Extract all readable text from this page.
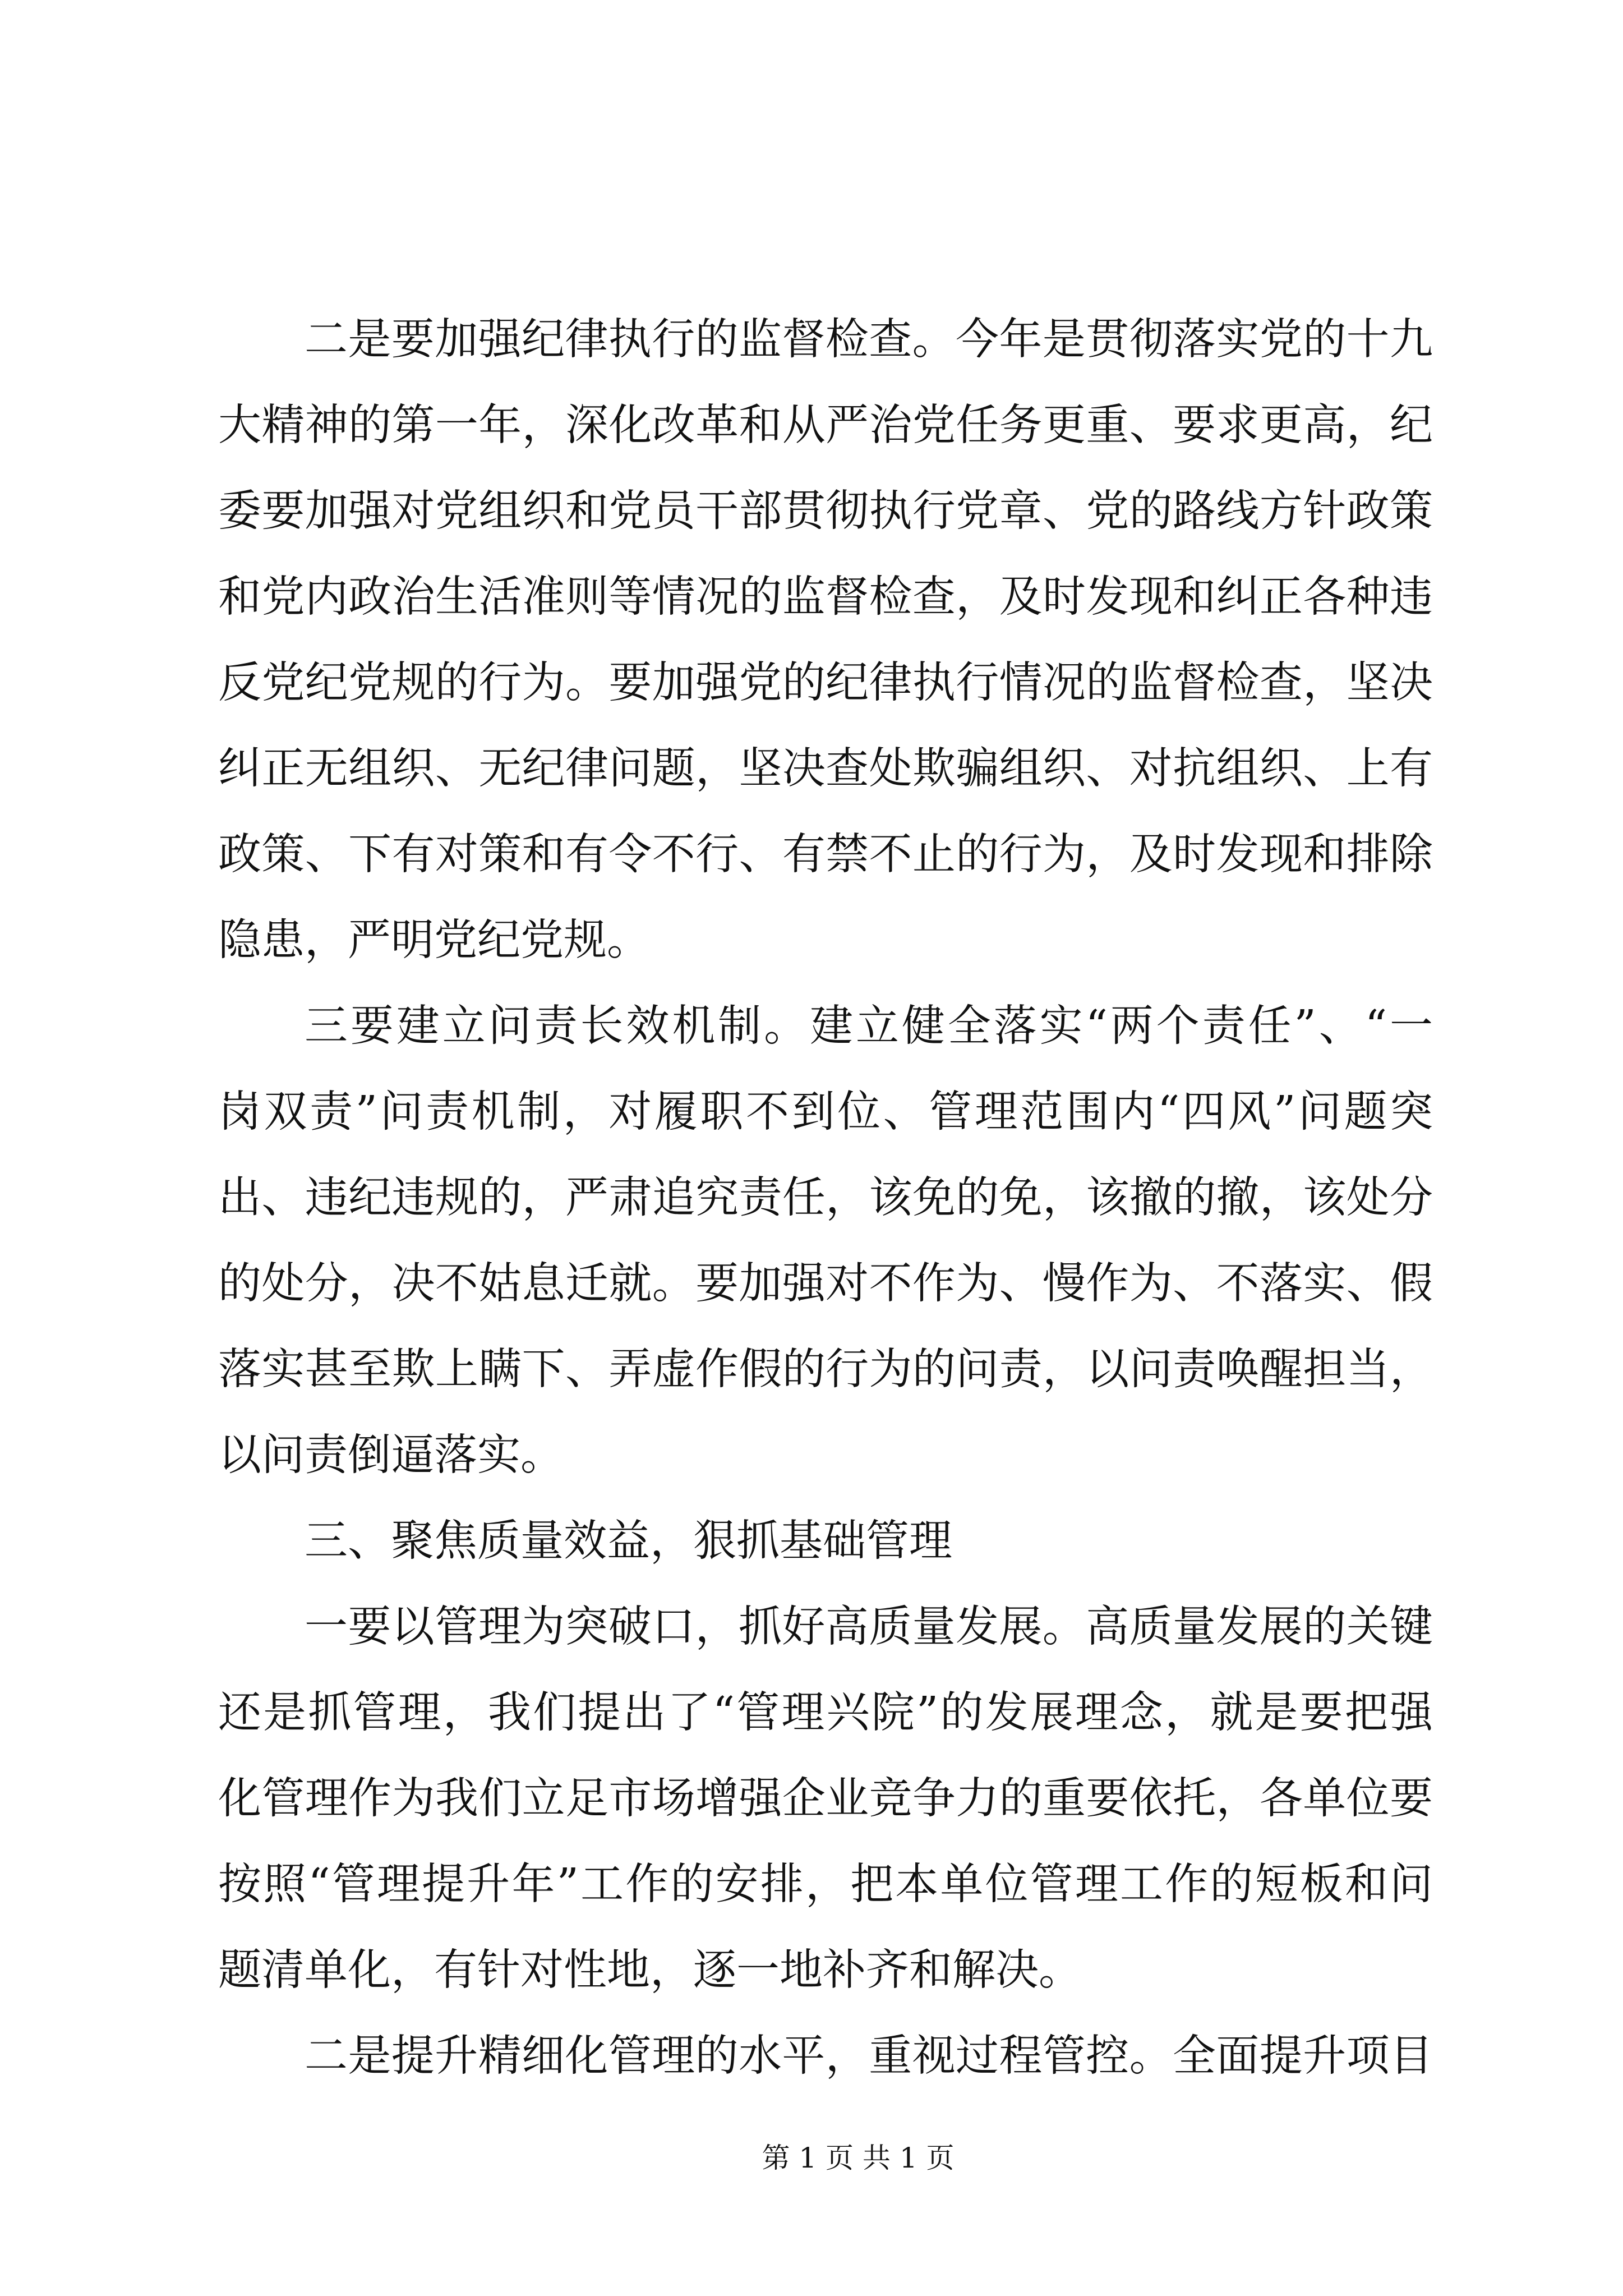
二是要加强纪律执行的监督检查。今年是贯彻落实党的十九
大精神的第一年，深化改革和从严治党任务更重、要求更高，纪
委要加强对党组织和党员干部贯彻执行党章、党的路线方针政策
和党内政治生活准则等情况的监督检查，及时发现和纠正各种违
反党纪党规的行为。要加强党的纪律执行情况的监督检查，坚决
纠正无组织、无纪律问题，坚决查处欺骗组织、对抗组织、上有
政策、下有对策和有令不行、有禁不止的行为，及时发现和排除
隐患，严明党纪党规。
三要建立问责长效机制。建立健全落实“两个责任”、“一
岗双责”问责机制，对履职不到位、管理范围内“四风”问题突
出、违纪违规的，严肃追究责任，该免的免，该撤的撤，该处分
的处分，决不姑息迁就。要加强对不作为、慢作为、不落实、假
落实甚至欺上瞒下、弄虚作假的行为的问责，以问责唤醒担当，
以问责倒逼落实。
三、聚焦质量效益，狠抓基础管理
一要以管理为突破口，抓好高质量发展。高质量发展的关键
还是抓管理，我们提出了“管理兴院”的发展理念，就是要把强
化管理作为我们立足市场增强企业竞争力的重要依托，各单位要
按照“管理提升年”工作的安排，把本单位管理工作的短板和问
题清单化，有针对性地，逐一地补齐和解决。
二是提升精细化管理的水平，重视过程管控。全面提升项目
第 1 页 共 1 页
